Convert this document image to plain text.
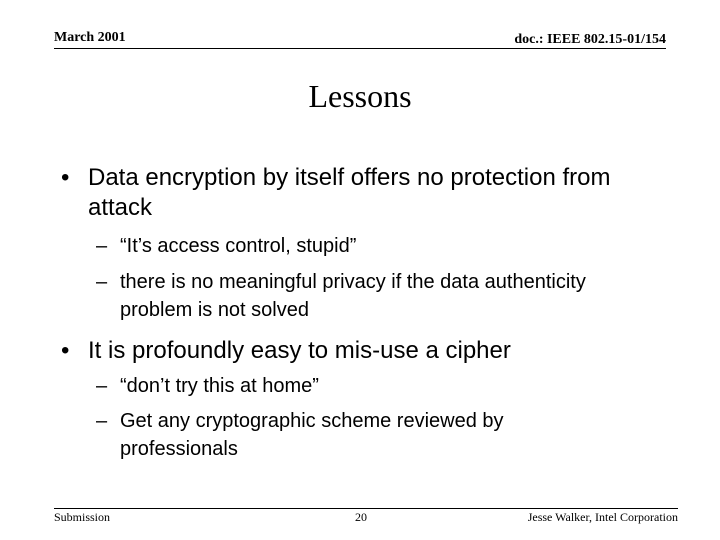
March 2001	doc.: IEEE 802.15-01/154
Lessons
• Data encryption by itself offers no protection from attack
– “It’s access control, stupid”
– there is no meaningful privacy if the data authenticity problem is not solved
• It is profoundly easy to mis-use a cipher
– “don’t try this at home”
– Get any cryptographic scheme reviewed by professionals
Submission	20	Jesse Walker, Intel Corporation
